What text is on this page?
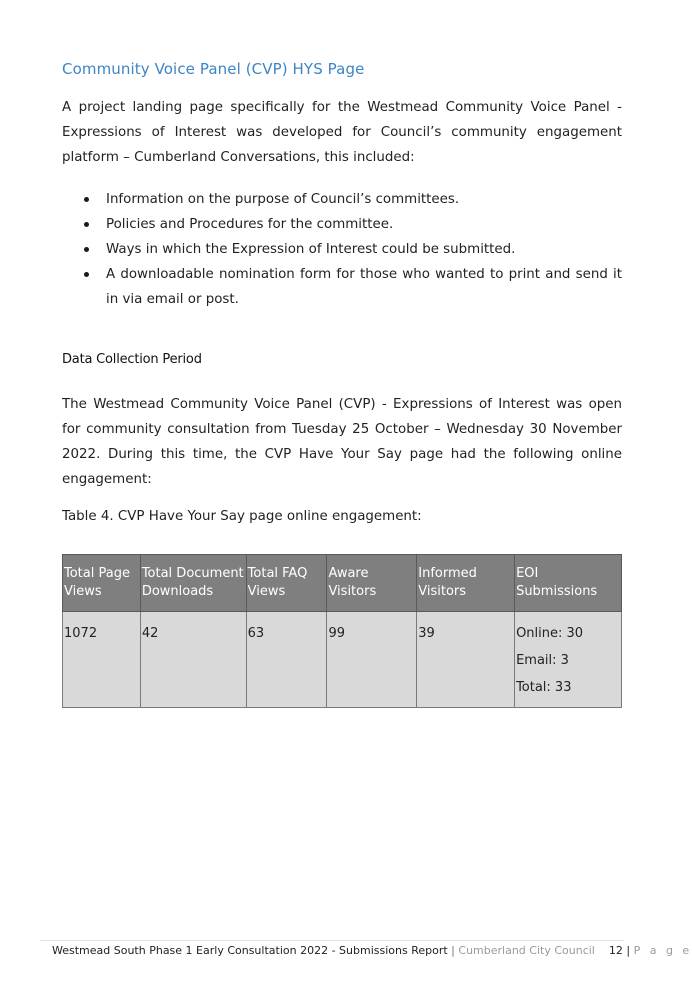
Community Voice Panel (CVP) HYS Page

A project landing page specifically for the Westmead Community Voice Panel - Expressions of Interest was developed for Council’s community engagement platform – Cumberland Conversations, this included:

Information on the purpose of Council’s committees.
Policies and Procedures for the committee.
Ways in which the Expression of Interest could be submitted.
A downloadable nomination form for those who wanted to print and send it in via email or post.
Data Collection Period

The Westmead Community Voice Panel (CVP) - Expressions of Interest was open for community consultation from Tuesday 25 October – Wednesday 30 November 2022. During this time, the CVP Have Your Say page had the following online engagement:

Table 4. CVP Have Your Say page online engagement:
Total Page Views	Total Document Downloads	Total FAQ Views	Aware Visitors	Informed Visitors	EOI Submissions
1072	42	63	99	39	Online: 30
Email: 3
Total: 33
Westmead South Phase 1 Early Consultation 2022 - Submissions Report | Cumberland City Council 12 | P a g e
